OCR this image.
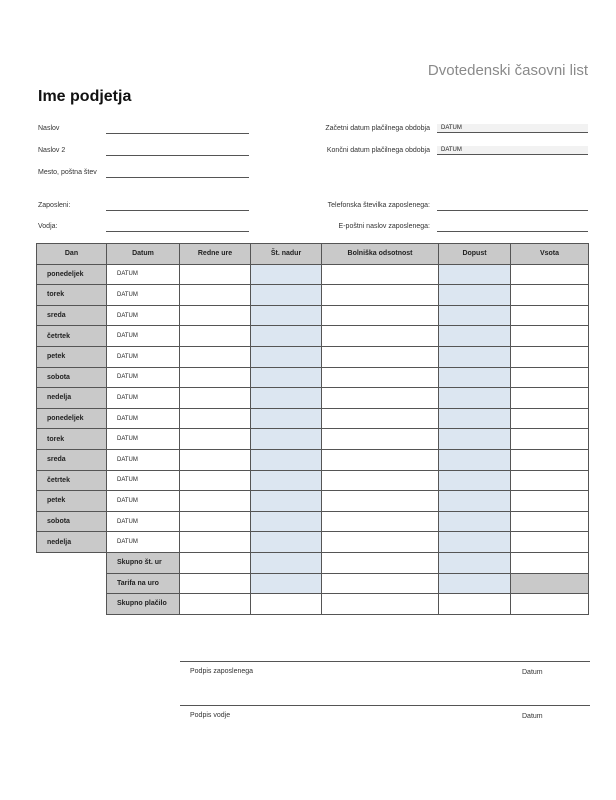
Dvotedenski časovni list
Ime podjetja
Naslov
Naslov 2
Mesto, poštna štev
Zaposleni:
Vodja:
Začetni datum plačilnega obdobja	DATUM
Končni datum plačilnega obdobja	DATUM
Telefonska številka zaposlenega:
E-poštni naslov zaposlenega:
Dan	Datum	Redne ure	Št. nadur	Bolniška odsotnost	Dopust	Vsota
ponedeljek	DATUM					
torek	DATUM					
sreda	DATUM					
četrtek	DATUM					
petek	DATUM					
sobota	DATUM					
nedelja	DATUM					
ponedeljek	DATUM					
torek	DATUM					
sreda	DATUM					
četrtek	DATUM					
petek	DATUM					
sobota	DATUM					
nedelja	DATUM					
	Skupno št. ur					
	Tarifa na uro					
	Skupno plačilo					
Podpis zaposlenega	Datum
Podpis vodje	Datum
